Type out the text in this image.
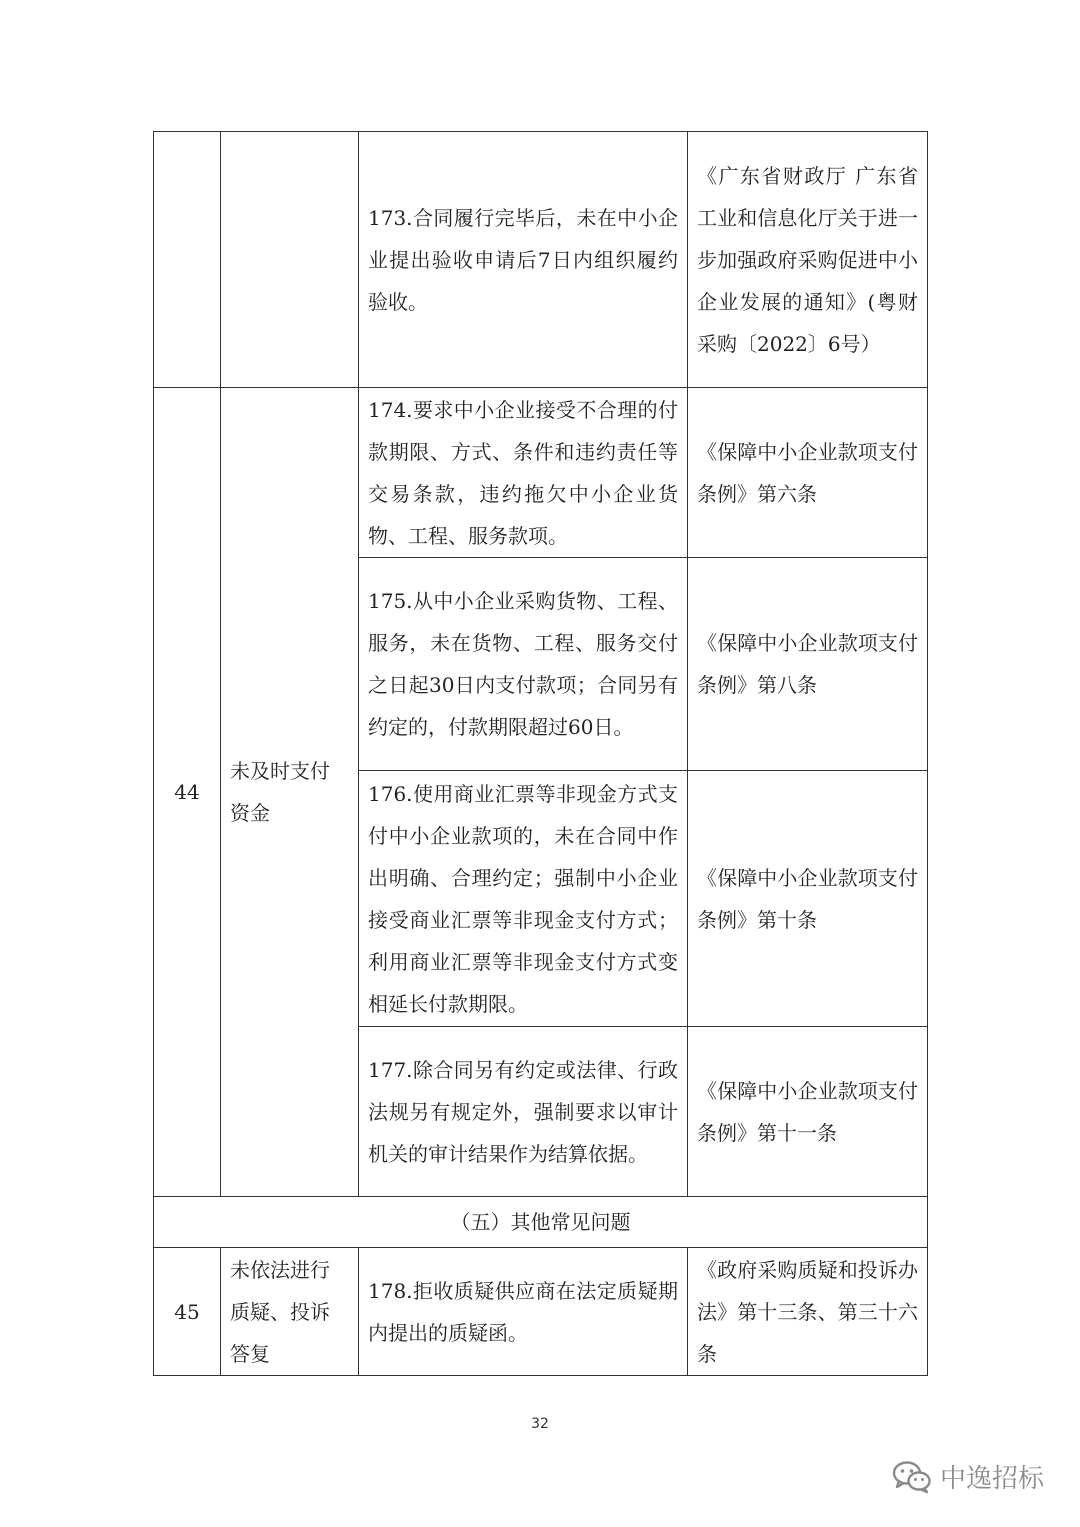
		173.合同履行完毕后，未在中小企业提出验收申请后7日内组织履约验收。	《广东省财政厅 广东省工业和信息化厅关于进一步加强政府采购促进中小企业发展的通知》(粤财采购〔2022〕6号）
44	未及时支付资金	174.要求中小企业接受不合理的付款期限、方式、条件和违约责任等交易条款，违约拖欠中小企业货物、工程、服务款项。	《保障中小企业款项支付条例》第六条
		175.从中小企业采购货物、工程、服务，未在货物、工程、服务交付之日起30日内支付款项；合同另有约定的，付款期限超过60日。	《保障中小企业款项支付条例》第八条
		176.使用商业汇票等非现金方式支付中小企业款项的，未在合同中作出明确、合理约定；强制中小企业接受商业汇票等非现金支付方式；利用商业汇票等非现金支付方式变相延长付款期限。	《保障中小企业款项支付条例》第十条
		177.除合同另有约定或法律、行政法规另有规定外，强制要求以审计机关的审计结果作为结算依据。	《保障中小企业款项支付条例》第十一条
（五）其他常见问题			
45	未依法进行质疑、投诉答复	178.拒收质疑供应商在法定质疑期内提出的质疑函。	《政府采购质疑和投诉办法》第十三条、第三十六条
32
中逸招标
